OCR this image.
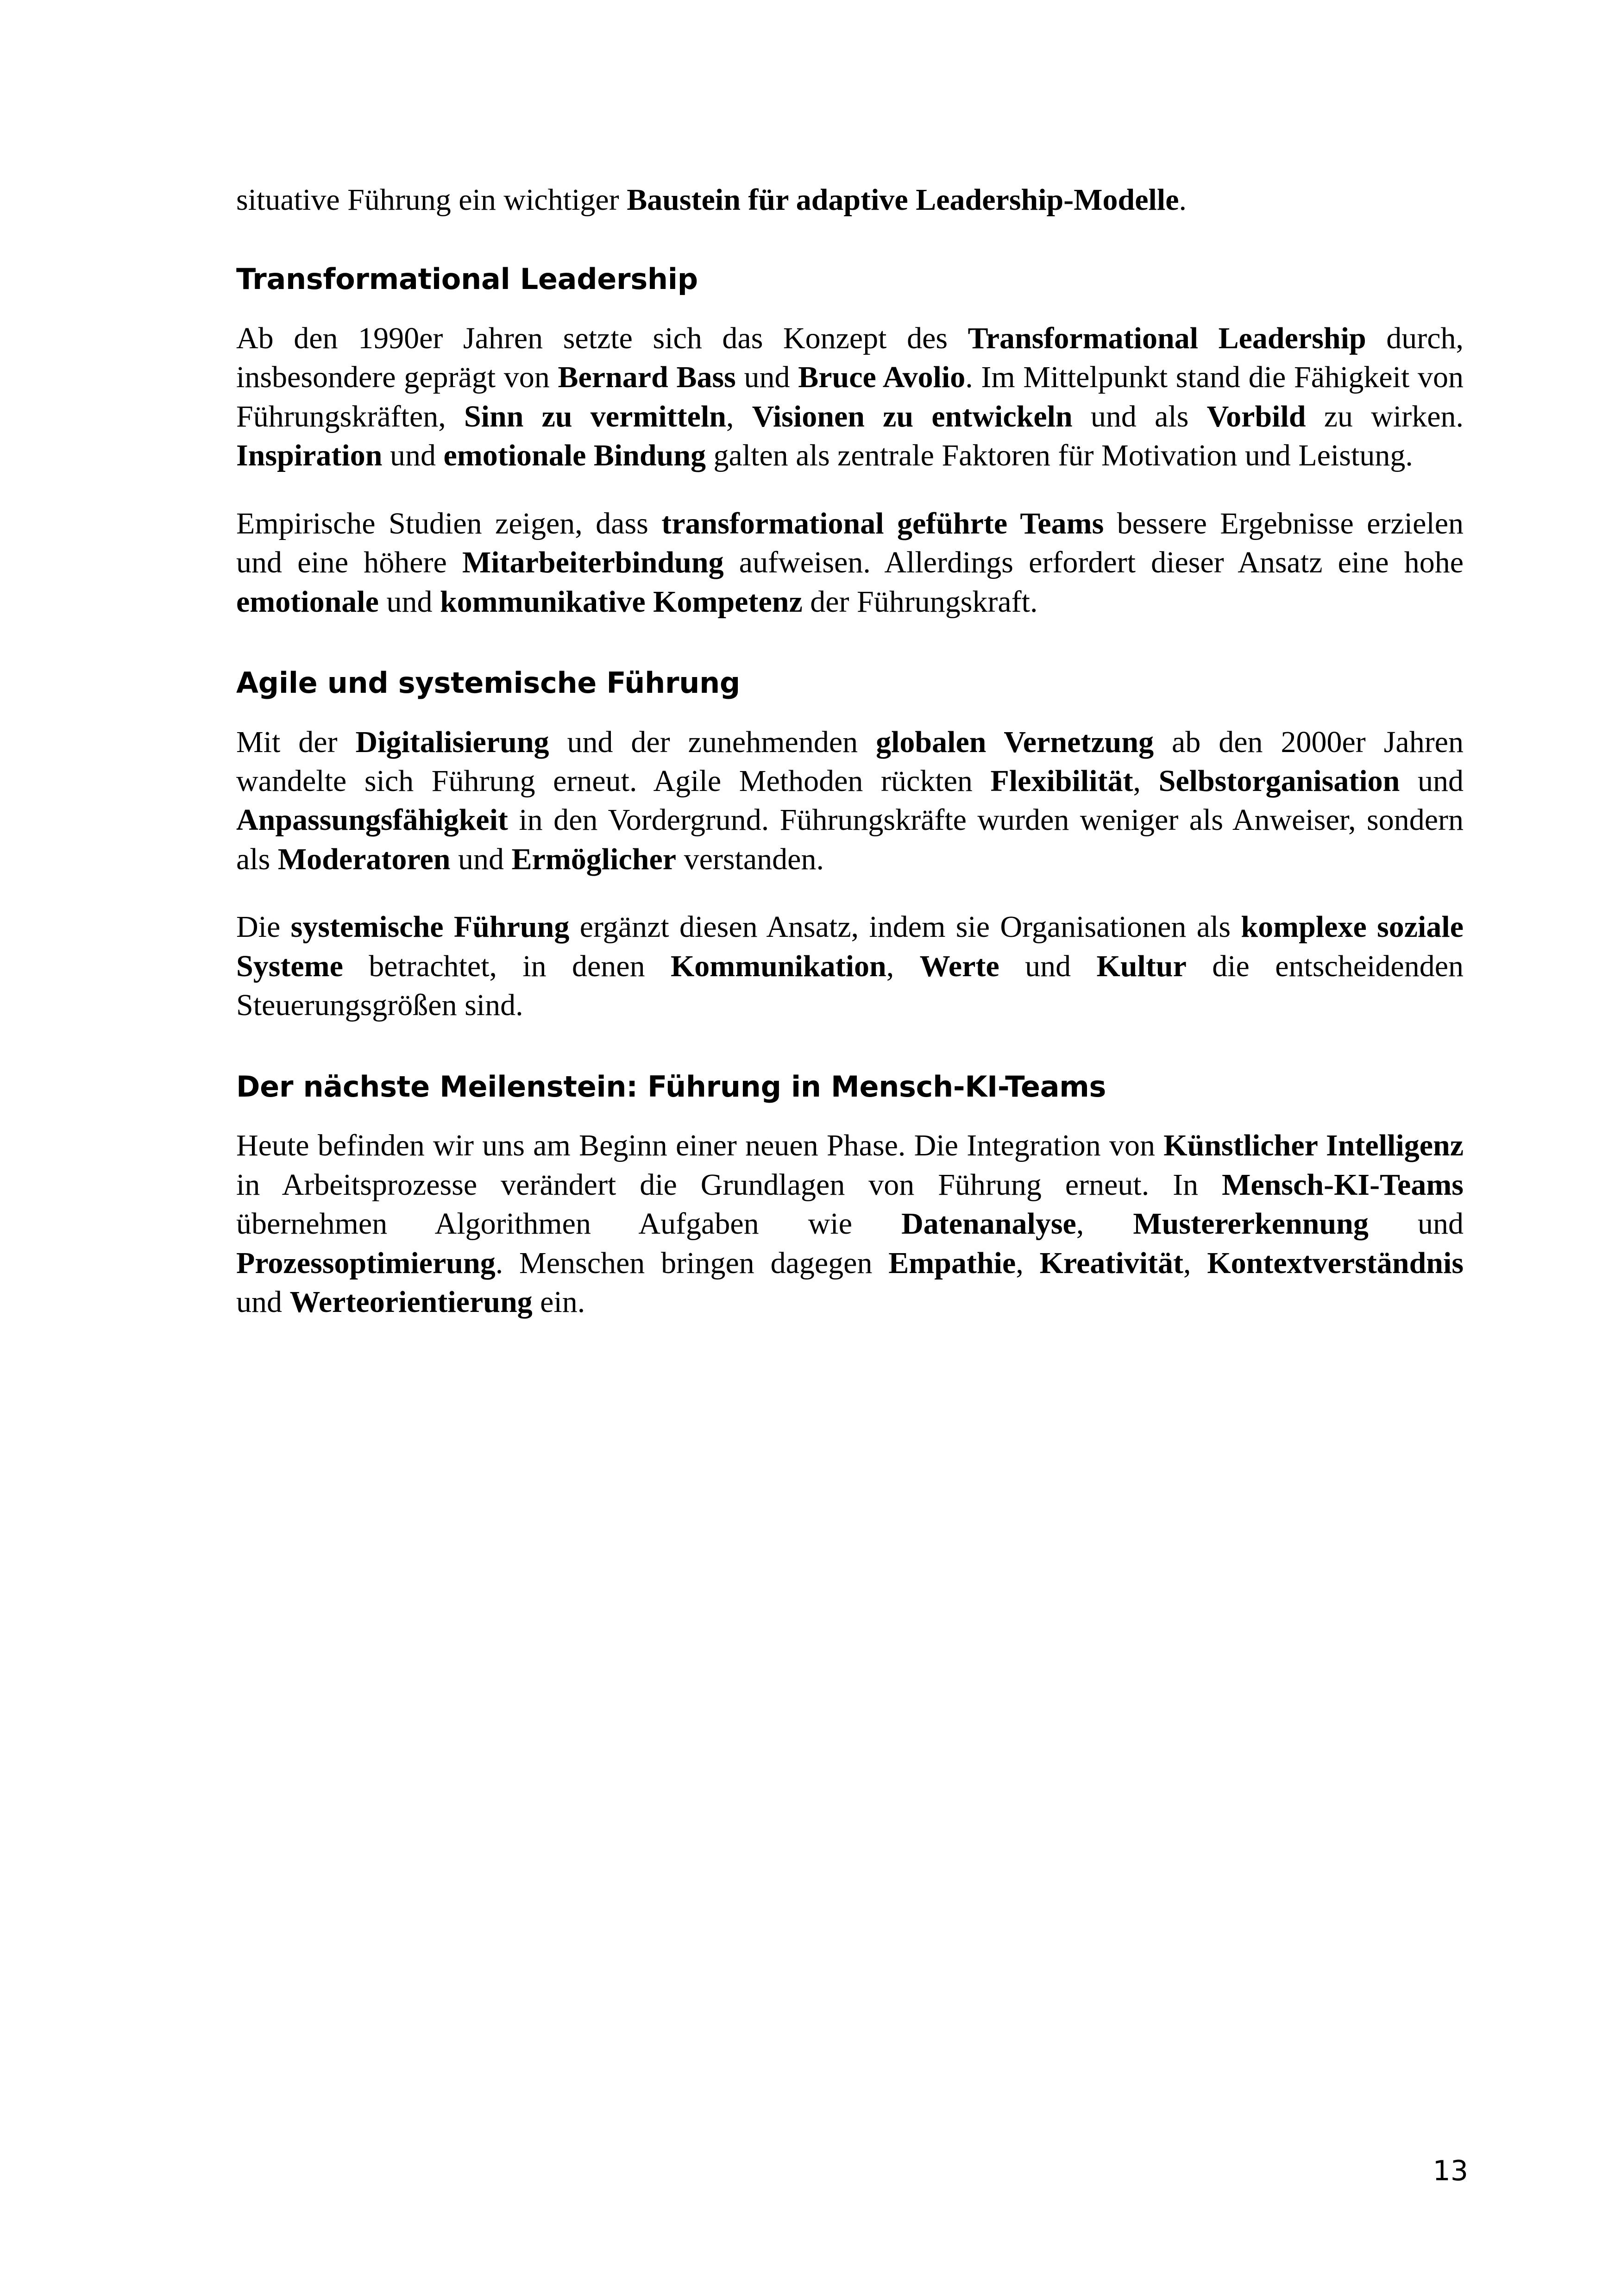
situative Führung ein wichtiger Baustein für adaptive Leadership-Modelle.

Transformational Leadership

Ab den 1990er Jahren setzte sich das Konzept des Transformational Leadership durch, insbesondere geprägt von Bernard Bass und Bruce Avolio. Im Mittelpunkt stand die Fähigkeit von Führungskräften, Sinn zu vermitteln, Visionen zu entwickeln und als Vorbild zu wirken. Inspiration und emotionale Bindung galten als zentrale Faktoren für Motivation und Leistung.

Empirische Studien zeigen, dass transformational geführte Teams bessere Ergebnisse erzielen und eine höhere Mitarbeiterbindung aufweisen. Allerdings erfordert dieser Ansatz eine hohe emotionale und kommunikative Kompetenz der Führungskraft.

Agile und systemische Führung

Mit der Digitalisierung und der zunehmenden globalen Vernetzung ab den 2000er Jahren wandelte sich Führung erneut. Agile Methoden rückten Flexibilität, Selbstorganisation und Anpassungsfähigkeit in den Vordergrund. Führungskräfte wurden weniger als Anweiser, sondern als Moderatoren und Ermöglicher verstanden.

Die systemische Führung ergänzt diesen Ansatz, indem sie Organisationen als komplexe soziale Systeme betrachtet, in denen Kommunikation, Werte und Kultur die entscheidenden Steuerungsgrößen sind.

Der nächste Meilenstein: Führung in Mensch-KI-Teams

Heute befinden wir uns am Beginn einer neuen Phase. Die Integration von Künstlicher Intelligenz in Arbeitsprozesse verändert die Grundlagen von Führung erneut. In Mensch-KI-Teams übernehmen Algorithmen Aufgaben wie Datenanalyse, Mustererkennung und Prozessoptimierung. Menschen bringen dagegen Empathie, Kreativität, Kontextverständnis und Werteorientierung ein.

13
